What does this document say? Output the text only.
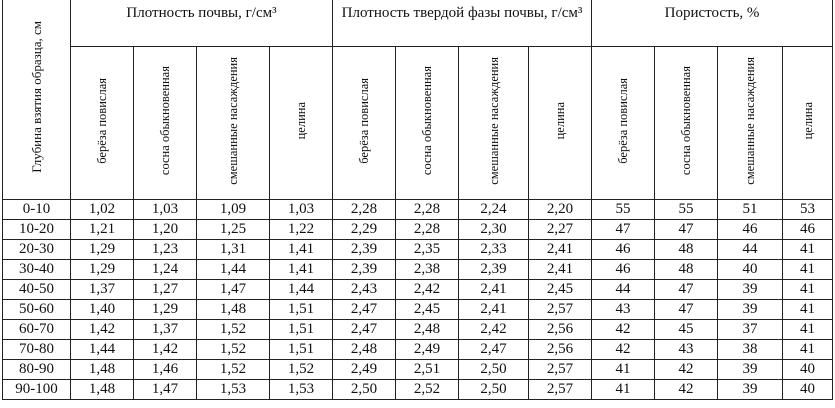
Глубина взятия образца, см	Плотность почвы, г/см³				Плотность твердой фазы почвы, г/см³				Пористость, %			
	берёза повислая	сосна обыкновенная	смешанные насаждения	целина	берёза повислая	сосна обыкновенная	смешанные насаждения	целина	берёза повислая	сосна обыкновенная	смешанные насаждения	целина
0-10	1,02	1,03	1,09	1,03	2,28	2,28	2,24	2,20	55	55	51	53
10-20	1,21	1,20	1,25	1,22	2,29	2,28	2,30	2,27	47	47	46	46
20-30	1,29	1,23	1,31	1,41	2,39	2,35	2,33	2,41	46	48	44	41
30-40	1,29	1,24	1,44	1,41	2,39	2,38	2,39	2,41	46	48	40	41
40-50	1,37	1,27	1,47	1,44	2,43	2,42	2,41	2,45	44	47	39	41
50-60	1,40	1,29	1,48	1,51	2,47	2,45	2,41	2,57	43	47	39	41
60-70	1,42	1,37	1,52	1,51	2,47	2,48	2,42	2,56	42	45	37	41
70-80	1,44	1,42	1,52	1,51	2,48	2,49	2,47	2,56	42	43	38	41
80-90	1,48	1,46	1,52	1,52	2,49	2,51	2,50	2,57	41	42	39	40
90-100	1,48	1,47	1,53	1,53	2,50	2,52	2,50	2,57	41	42	39	40
